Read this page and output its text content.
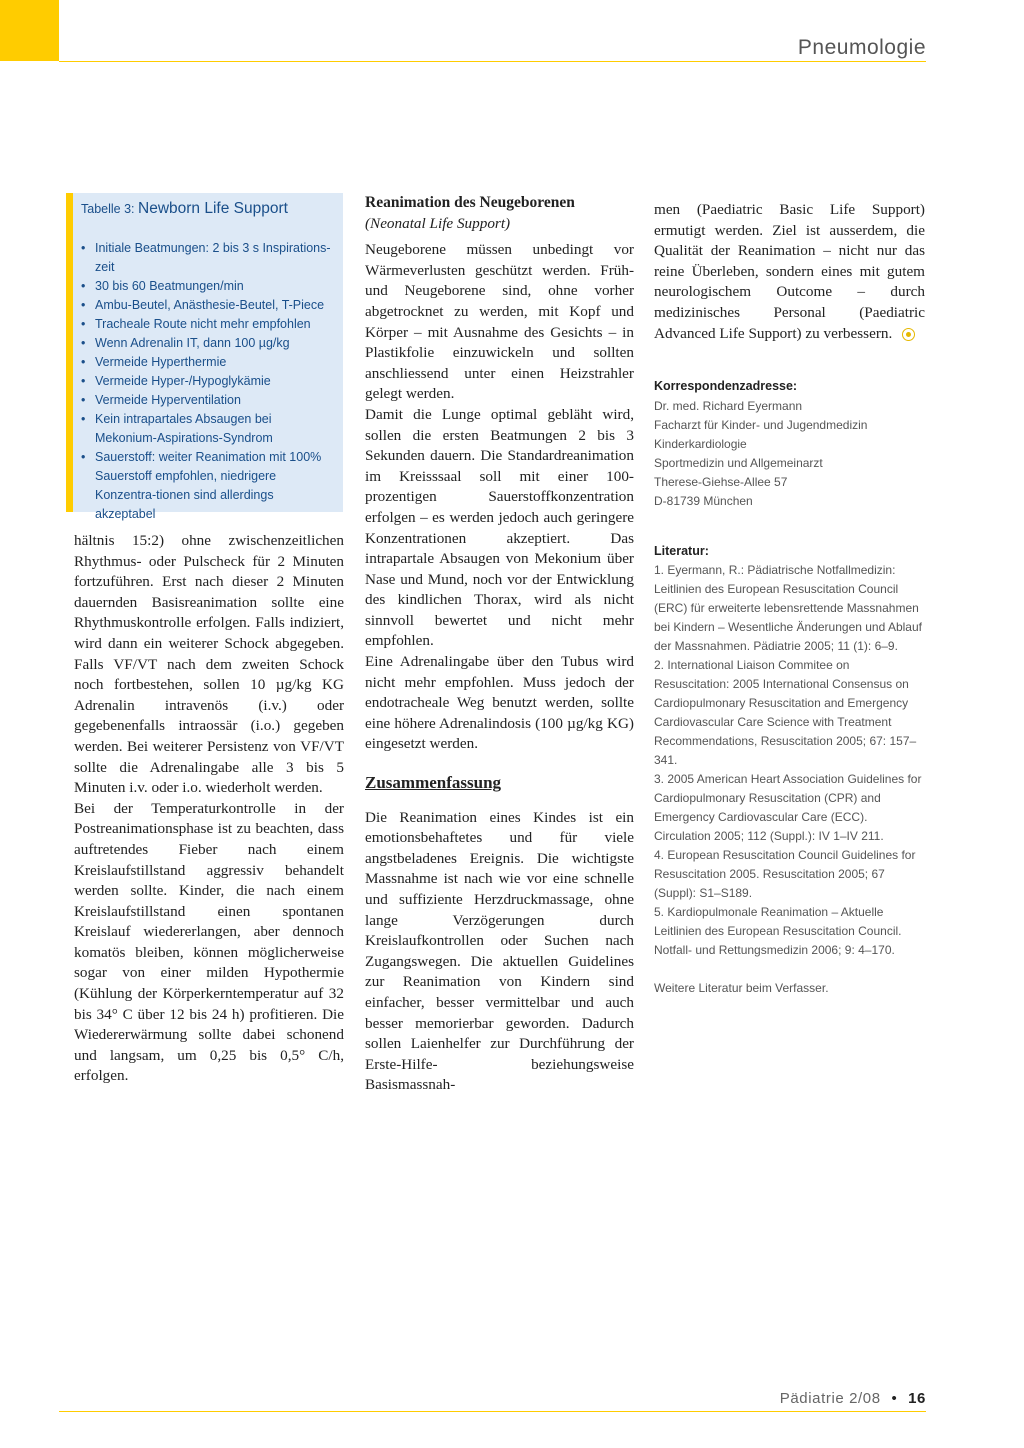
Pneumologie
Tabelle 3: Newborn Life Support
• Initiale Beatmungen: 2 bis 3 s Inspirations-zeit
• 30 bis 60 Beatmungen/min
• Ambu-Beutel, Anästhesie-Beutel, T-Piece
• Tracheale Route nicht mehr empfohlen
• Wenn Adrenalin IT, dann 100 µg/kg
• Vermeide Hyperthermie
• Vermeide Hyper-/Hypoglykämie
• Vermeide Hyperventilation
• Kein intrapartales Absaugen bei Mekonium-Aspirations-Syndrom
• Sauerstoff: weiter Reanimation mit 100% Sauerstoff empfohlen, niedrigere Konzentra-tionen sind allerdings akzeptabel

hältnis 15:2) ohne zwischenzeitlichen Rhythmus- oder Pulscheck für 2 Minuten fortzuführen. Erst nach dieser 2 Minuten dauernden Basisreanimation sollte eine Rhythmuskontrolle erfolgen. Falls indiziert, wird dann ein weiterer Schock abgegeben. Falls VF/VT nach dem zweiten Schock noch fortbestehen, sollen 10 µg/kg KG Adrenalin intravenös (i.v.) oder gegebenenfalls intraossär (i.o.) gegeben werden. Bei weiterer Persistenz von VF/VT sollte die Adrenalingabe alle 3 bis 5 Minuten i.v. oder i.o. wiederholt werden.

Bei der Temperaturkontrolle in der Postreanimationsphase ist zu beachten, dass auftretendes Fieber nach einem Kreislaufstillstand aggressiv behandelt werden sollte. Kinder, die nach einem Kreislaufstillstand einen spontanen Kreislauf wiedererlangen, aber dennoch komatös bleiben, können möglicherweise sogar von einer milden Hypothermie (Kühlung der Körperkerntemperatur auf 32 bis 34° C über 12 bis 24 h) profitieren. Die Wiedererwärmung sollte dabei schonend und langsam, um 0,25 bis 0,5° C/h, erfolgen.

Reanimation des Neugeborenen

(Neonatal Life Support)

Neugeborene müssen unbedingt vor Wärmeverlusten geschützt werden. Früh- und Neugeborene sind, ohne vorher abgetrocknet zu werden, mit Kopf und Körper – mit Ausnahme des Gesichts – in Plastikfolie einzuwickeln und sollten anschliessend unter einen Heizstrahler gelegt werden.

Damit die Lunge optimal gebläht wird, sollen die ersten Beatmungen 2 bis 3 Sekunden dauern. Die Standardreanimation im Kreisssaal soll mit einer 100-prozentigen Sauerstoffkonzentration erfolgen – es werden jedoch auch geringere Konzentrationen akzeptiert. Das intrapartale Absaugen von Mekonium über Nase und Mund, noch vor der Entwicklung des kindlichen Thorax, wird als nicht sinnvoll bewertet und nicht mehr empfohlen.

Eine Adrenalingabe über den Tubus wird nicht mehr empfohlen. Muss jedoch der endotracheale Weg benutzt werden, sollte eine höhere Adrenalindosis (100 µg/kg KG) eingesetzt werden.

Zusammenfassung

Die Reanimation eines Kindes ist ein emotionsbehaftetes und für viele angstbeladenes Ereignis. Die wichtigste Massnahme ist nach wie vor eine schnelle und suffiziente Herzdruckmassage, ohne lange Verzögerungen durch Kreislaufkontrollen oder Suchen nach Zugangswegen. Die aktuellen Guidelines zur Reanimation von Kindern sind einfacher, besser vermittelbar und auch besser memorierbar geworden. Dadurch sollen Laienhelfer zur Durchführung der Erste-Hilfe- beziehungsweise Basismassnah-

men (Paediatric Basic Life Support) ermutigt werden. Ziel ist ausserdem, die Qualität der Reanimation – nicht nur das reine Überleben, sondern eines mit gutem neurologischem Outcome – durch medizinisches Personal (Paediatric Advanced Life Support) zu verbessern.

Korrespondenzadresse:
Dr. med. Richard Eyermann
Facharzt für Kinder- und Jugendmedizin
Kinderkardiologie
Sportmedizin und Allgemeinarzt
Therese-Giehse-Allee 57
D-81739 München
Literatur:
1. Eyermann, R.: Pädiatrische Notfallmedizin: Leitlinien des European Resuscitation Council (ERC) für erweiterte lebensrettende Massnahmen bei Kindern – Wesentliche Änderungen und Ablauf der Massnahmen. Pädiatrie 2005; 11 (1): 6–9.
2. International Liaison Commitee on Resuscitation: 2005 International Consensus on Cardiopulmonary Resuscitation and Emergency Cardiovascular Care Science with Treatment Recommendations, Resuscitation 2005; 67: 157–341.
3. 2005 American Heart Association Guidelines for Cardiopulmonary Resuscitation (CPR) and Emergency Cardiovascular Care (ECC). Circulation 2005; 112 (Suppl.): IV 1–IV 211.
4. European Resuscitation Council Guidelines for Resuscitation 2005. Resuscitation 2005; 67 (Suppl): S1–S189.
5. Kardiopulmonale Reanimation – Aktuelle Leitlinien des European Resuscitation Council. Notfall- und Rettungsmedizin 2006; 9: 4–170.
Weitere Literatur beim Verfasser.
Pädiatrie 2/08 • 16
